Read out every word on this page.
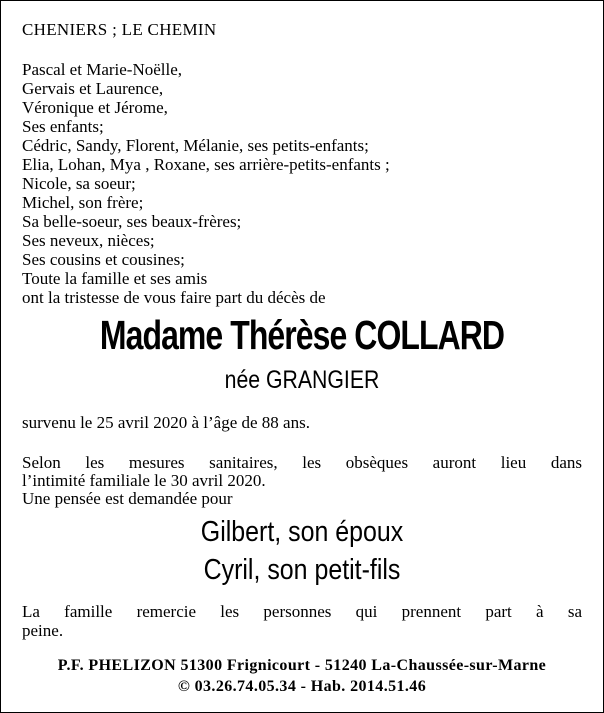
CHENIERS ; LE CHEMIN
Pascal et Marie-Noëlle,
Gervais et Laurence,
Véronique et Jérome,
Ses enfants;
Cédric, Sandy, Florent, Mélanie, ses petits-enfants;
Elia, Lohan, Mya , Roxane, ses arrière-petits-enfants ;
Nicole, sa soeur;
Michel, son frère;
Sa belle-soeur, ses beaux-frères;
Ses neveux, nièces;
Ses cousins et cousines;
Toute la famille et ses amis
ont la tristesse de vous faire part du décès de
Madame Thérèse COLLARD
née GRANGIER
survenu le 25 avril 2020 à l’âge de 88 ans.
Selon les mesures sanitaires, les obsèques auront lieu dans
l’intimité familiale le 30 avril 2020.
Une pensée est demandée pour
Gilbert, son époux
Cyril, son petit-fils
La famille remercie les personnes qui prennent part à sa
peine.
P.F. PHELIZON 51300 Frignicourt - 51240 La-Chaussée-sur-Marne
© 03.26.74.05.34 - Hab. 2014.51.46
